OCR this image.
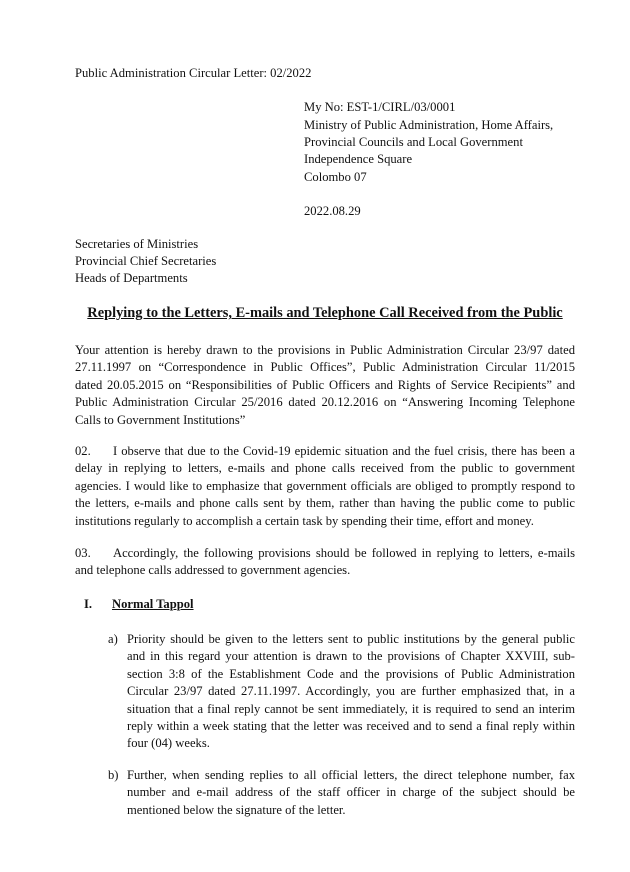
Public Administration Circular Letter: 02/2022
My No: EST-1/CIRL/03/0001
Ministry of Public Administration, Home Affairs,
Provincial Councils and Local Government
Independence Square
Colombo 07
2022.08.29
Secretaries of Ministries
Provincial Chief Secretaries
Heads of Departments
Replying to the Letters, E-mails and Telephone Call Received from the Public
Your attention is hereby drawn to the provisions in Public Administration Circular 23/97 dated
27.11.1997 on “Correspondence in Public Offices”, Public Administration Circular 11/2015
dated 20.05.2015 on “Responsibilities of Public Officers and Rights of Service Recipients” and
Public Administration Circular 25/2016 dated 20.12.2016 on “Answering Incoming Telephone
Calls to Government Institutions”
02. I observe that due to the Covid-19 epidemic situation and the fuel crisis, there has been a
delay in replying to letters, e-mails and phone calls received from the public to government
agencies. I would like to emphasize that government officials are obliged to promptly respond to
the letters, e-mails and phone calls sent by them, rather than having the public come to public
institutions regularly to accomplish a certain task by spending their time, effort and money.
03. Accordingly, the following provisions should be followed in replying to letters, e-mails
and telephone calls addressed to government agencies.
I. Normal Tappol
a) Priority should be given to the letters sent to public institutions by the general public
and in this regard your attention is drawn to the provisions of Chapter XXVIII, sub-
section 3:8 of the Establishment Code and the provisions of Public Administration
Circular 23/97 dated 27.11.1997. Accordingly, you are further emphasized that, in a
situation that a final reply cannot be sent immediately, it is required to send an interim
reply within a week stating that the letter was received and to send a final reply within
four (04) weeks.
b) Further, when sending replies to all official letters, the direct telephone number, fax
number and e-mail address of the staff officer in charge of the subject should be
mentioned below the signature of the letter.
